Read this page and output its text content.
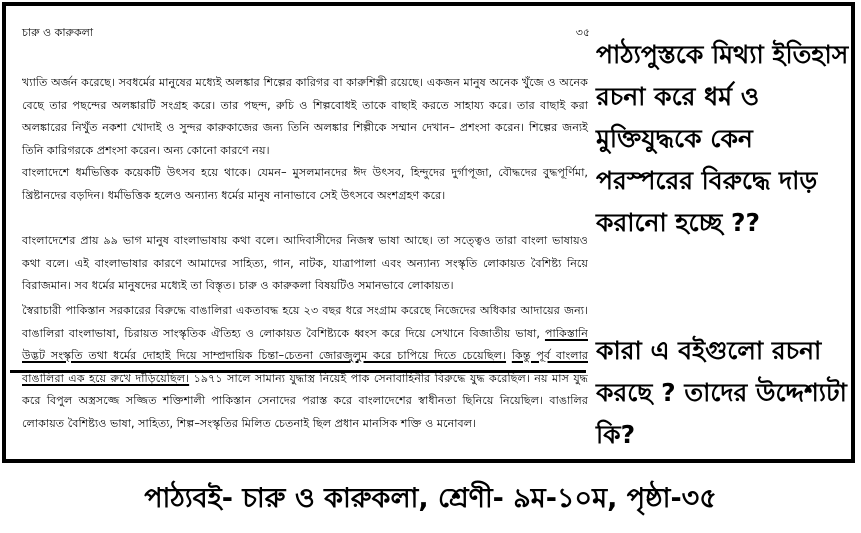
চারু ও কারুকলা	৩৫
খ্যাতি অর্জন করেছে। সবধর্মের মানুষের মধ্যেই অলঙ্কার শিল্পের কারিগর বা কারুশিল্পী রয়েছে। একজন মানুষ অনেক খুঁজে ও অনেক বেছে তার পছন্দের অলঙ্কারটি সংগ্রহ করে। তার পছন্দ, রুচি ও শিল্পবোধই তাকে বাছাই করতে সাহায্য করে। তার বাছাই করা অলঙ্কারের নিখুঁত নকশা খোদাই ও সুন্দর কারুকাজের জন্য তিনি অলঙ্কার শিল্পীকে সম্মান দেখান– প্রশংসা করেন। শিল্পের জন্যই তিনি কারিগরকে প্রশংসা করেন। অন্য কোনো কারণে নয়।
বাংলাদেশে ধর্মভিত্তিক কয়েকটি উৎসব হয়ে থাকে। যেমন– মুসলমানদের ঈদ উৎসব, হিন্দুদের দুর্গাপূজা, বৌদ্ধদের বুদ্ধপূর্ণিমা, খ্রিষ্টানদের বড়দিন। ধর্মভিত্তিক হলেও অন্যান্য ধর্মের মানুষ নানাভাবে সেই উৎসবে অংশগ্রহণ করে।
বাংলাদেশের প্রায় ৯৯ ভাগ মানুষ বাংলাভাষায় কথা বলে। আদিবাসীদের নিজস্ব ভাষা আছে। তা সত্ত্বেও তারা বাংলা ভাষায়ও কথা বলে। এই বাংলাভাষার কারণে আমাদের সাহিত্য, গান, নাটক, যাত্রাপালা এবং অন্যান্য সংস্কৃতি লোকায়ত বৈশিষ্ট্য নিয়ে বিরাজমান। সব ধর্মের মানুষদের মধ্যেই তা বিস্তৃত। চারু ও কারুকলা বিষয়টিও সমানভাবে লোকায়ত।
স্বৈরাচারী পাকিস্তান সরকারের বিরুদ্ধে বাঙালিরা একতাবদ্ধ হয়ে ২৩ বছর ধরে সংগ্রাম করেছে নিজেদের অধিকার আদায়ের জন্য। বাঙালিরা বাংলাভাষা, চিরায়ত সাংস্কৃতিক ঐতিহ্য ও লোকায়ত বৈশিষ্ট্যকে ধ্বংস করে দিয়ে সেখানে বিজাতীয় ভাষা, পাকিস্তানি উদ্ভট সংস্কৃতি তথা ধর্মের দোহাই দিয়ে সাম্প্রদায়িক চিন্তা–চেতনা জোরজুলুম করে চাপিয়ে দিতে চেয়েছিল। কিন্তু পূর্ব বাংলার বাঙালিরা এক হয়ে রুখে দাঁড়িয়েছিল। ১৯৭১ সালে সামান্য যুদ্ধাস্ত্র নিয়েই পাক সেনাবাহিনীর বিরুদ্ধে যুদ্ধ করেছিল। নয় মাস যুদ্ধ করে বিপুল অস্ত্রসজ্জে সজ্জিত শক্তিশালী পাকিস্তান সেনাদের পরাস্ত করে বাংলাদেশের স্বাধীনতা ছিনিয়ে নিয়েছিল। বাঙালির লোকায়ত বৈশিষ্ট্যও ভাষা, সাহিত্য, শিল্প–সংস্কৃতির মিলিত চেতনাই ছিল প্রধান মানসিক শক্তি ও মনোবল।
পাঠ্যপুস্তকে মিথ্যা ইতিহাস রচনা করে ধর্ম ও মুক্তিযুদ্ধকে কেন পরস্পরের বিরুদ্ধে দাড় করানো হচ্ছে ??
কারা এ বইগুলো রচনা করছে ? তাদের উদ্দেশ্যটা কি?
পাঠ্যবই- চারু ও কারুকলা, শ্রেণী- ৯ম-১০ম, পৃষ্ঠা-৩৫
